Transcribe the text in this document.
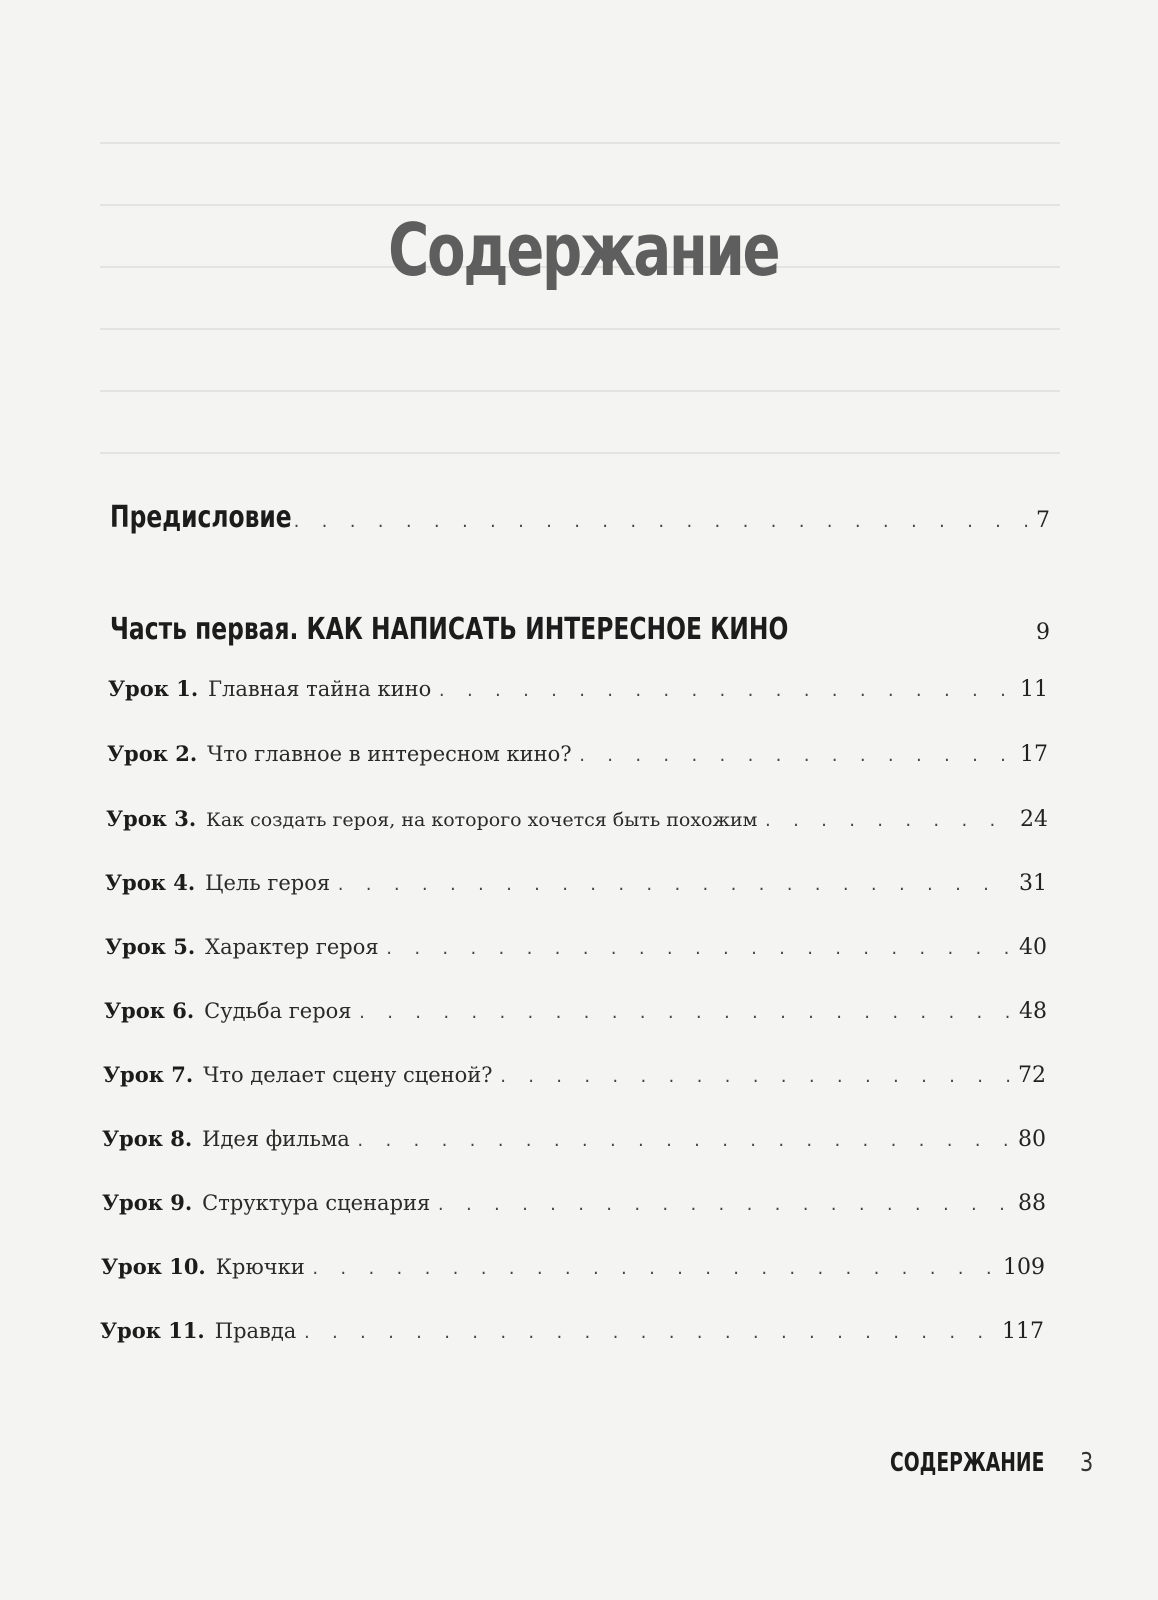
Содержание
Предисловие . . .	7
Часть первая. КАК НАПИСАТЬ ИНТЕРЕСНОЕ КИНО	9
Урок 1. Главная тайна кино . . .	11
Урок 2. Что главное в интересном кино? . . .	17
Урок 3. Как создать героя, на которого хочется быть похожим . . .	24
Урок 4. Цель героя . . .	31
Урок 5. Характер героя . . .	40
Урок 6. Судьба героя . . .	48
Урок 7. Что делает сцену сценой? . . .	72
Урок 8. Идея фильма . . .	80
Урок 9. Структура сценария . . .	88
Урок 10. Крючки . . .	109
Урок 11. Правда . . .	117
СОДЕРЖАНИЕ 3
